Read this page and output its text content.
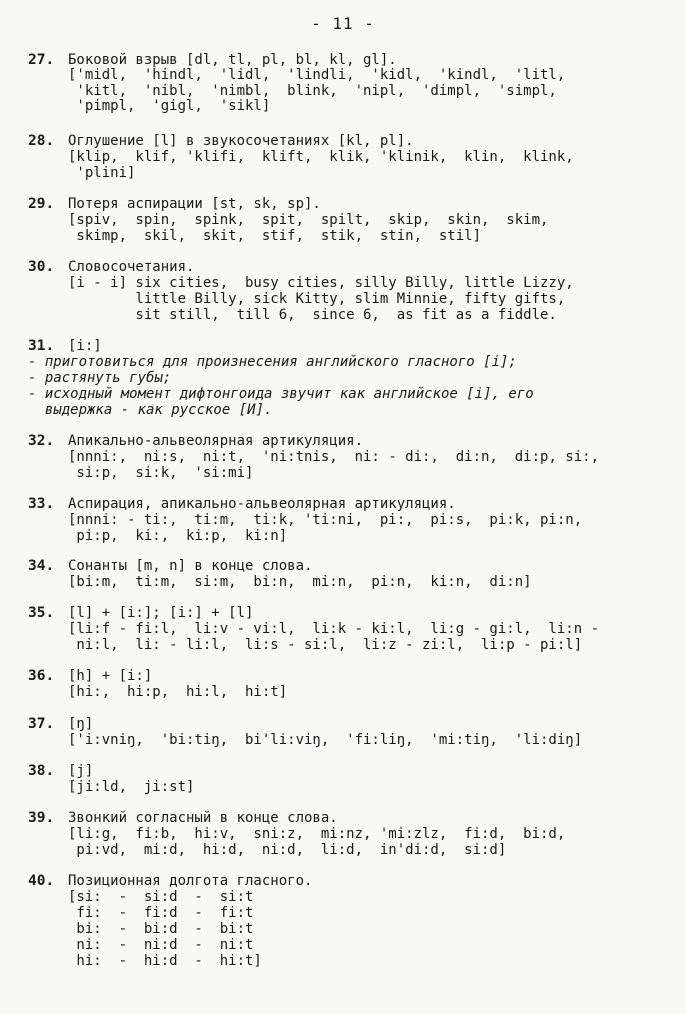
- 11 -
27. Боковой взрыв [dl, tl, pl, bl, kl, gl].
['midl,  'hindl,  'lidl,  'lindli,  'kidl,  'kindl,  'litl,
'kitl,  'nibl,  'nimbl,  blink,  'nipl,  'dimpl,  'simpl,
'pimpl,  'gigl,  'sikl]
28. Оглушение [l] в звукосочетаниях [kl, pl].
[klip,  klif, 'klifi,  klift,  klik, 'klinik,  klin,  klink,
'plini]
29. Потеря аспирации [st, sk, sp].
[spiv,  spin,  spink,  spit,  spilt,  skip,  skin,  skim,
skimp,  skil,  skit,  stif,  stik,  stin,  stil]
30. Словосочетания.
[i - i] six cities,  busy cities, silly Billy, little Lizzy,
little Billy, sick Kitty, slim Minnie, fifty gifts,
sit still,  till 6,  since 6,  as fit as a fiddle.
31. [i:]
- приготовиться для произнесения английского гласного [i];
- растянуть губы;
- исходный момент дифтонгоида звучит как английское [i], его
выдержка - как русское [И].
32. Апикально-альвеолярная артикуляция.
[nnni:,  ni:s,  ni:t,  'ni:tnis,  ni: - di:,  di:n,  di:p, si:,
si:p,  si:k,  'si:mi]
33. Аспирация, апикально-альвеолярная артикуляция.
[nnni: - ti:,  ti:m,  ti:k, 'ti:ni,  pi:,  pi:s,  pi:k, pi:n,
pi:p,  ki:,  ki:p,  ki:n]
34. Сонанты [m, n] в конце слова.
[bi:m,  ti:m,  si:m,  bi:n,  mi:n,  pi:n,  ki:n,  di:n]
35. [l] + [i:]; [i:] + [l]
[li:f - fi:l,  li:v - vi:l,  li:k - ki:l,  li:g - gi:l,  li:n -
ni:l,  li: - li:l,  li:s - si:l,  li:z - zi:l,  li:p - pi:l]
36. [h] + [i:]
[hi:,  hi:p,  hi:l,  hi:t]
37. [ŋ]
['i:vniŋ,  'bi:tiŋ,  bi'li:viŋ,  'fi:liŋ,  'mi:tiŋ,  'li:diŋ]
38. [j]
[ji:ld,  ji:st]
39. Звонкий согласный в конце слова.
[li:g,  fi:b,  hi:v,  sni:z,  mi:nz, 'mi:zlz,  fi:d,  bi:d,
pi:vd,  mi:d,  hi:d,  ni:d,  li:d,  in'di:d,  si:d]
40. Позиционная долгота гласного.
[si:  -  si:d  -  si:t
fi:  -  fi:d  -  fi:t
bi:  -  bi:d  -  bi:t
ni:  -  ni:d  -  ni:t
hi:  -  hi:d  -  hi:t]
